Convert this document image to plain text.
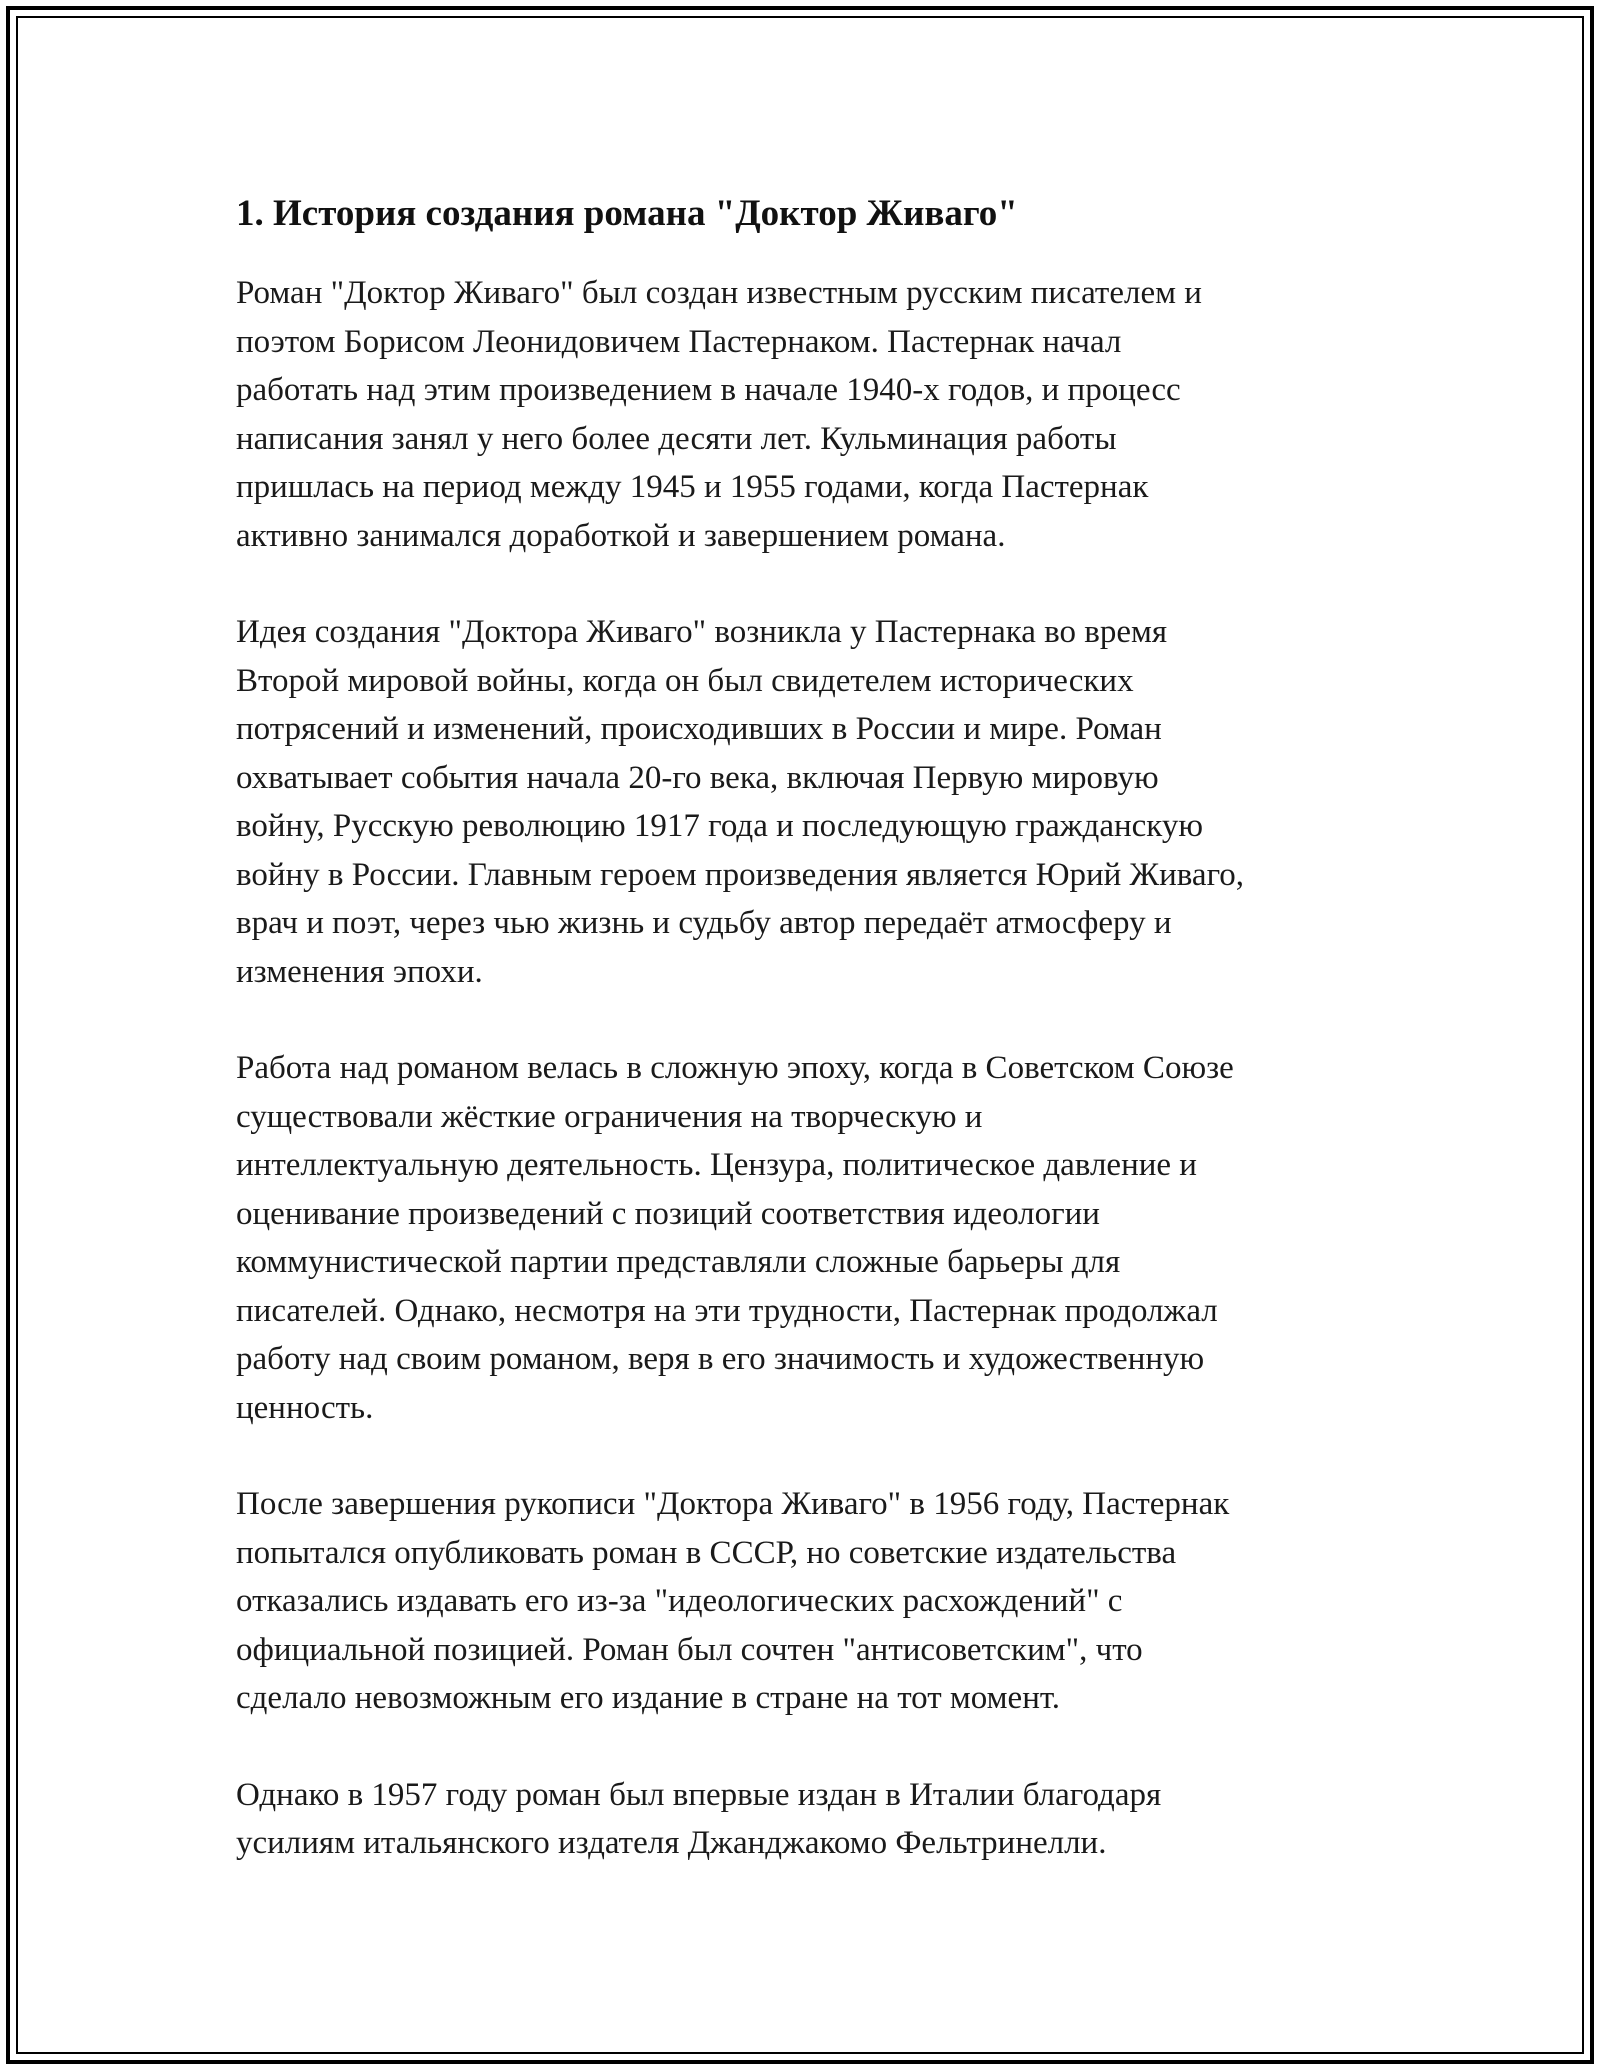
1. История создания романа "Доктор Живаго"

Роман "Доктор Живаго" был создан известным русским писателем и
поэтом Борисом Леонидовичем Пастернаком. Пастернак начал
работать над этим произведением в начале 1940-х годов, и процесс
написания занял у него более десяти лет. Кульминация работы
пришлась на период между 1945 и 1955 годами, когда Пастернак
активно занимался доработкой и завершением романа.

Идея создания "Доктора Живаго" возникла у Пастернака во время
Второй мировой войны, когда он был свидетелем исторических
потрясений и изменений, происходивших в России и мире. Роман
охватывает события начала 20-го века, включая Первую мировую
войну, Русскую революцию 1917 года и последующую гражданскую
войну в России. Главным героем произведения является Юрий Живаго,
врач и поэт, через чью жизнь и судьбу автор передаёт атмосферу и
изменения эпохи.

Работа над романом велась в сложную эпоху, когда в Советском Союзе
существовали жёсткие ограничения на творческую и
интеллектуальную деятельность. Цензура, политическое давление и
оценивание произведений с позиций соответствия идеологии
коммунистической партии представляли сложные барьеры для
писателей. Однако, несмотря на эти трудности, Пастернак продолжал
работу над своим романом, веря в его значимость и художественную
ценность.

После завершения рукописи "Доктора Живаго" в 1956 году, Пастернак
попытался опубликовать роман в СССР, но советские издательства
отказались издавать его из-за "идеологических расхождений" с
официальной позицией. Роман был сочтен "антисоветским", что
сделало невозможным его издание в стране на тот момент.

Однако в 1957 году роман был впервые издан в Италии благодаря
усилиям итальянского издателя Джанджакомо Фельтринелли.
